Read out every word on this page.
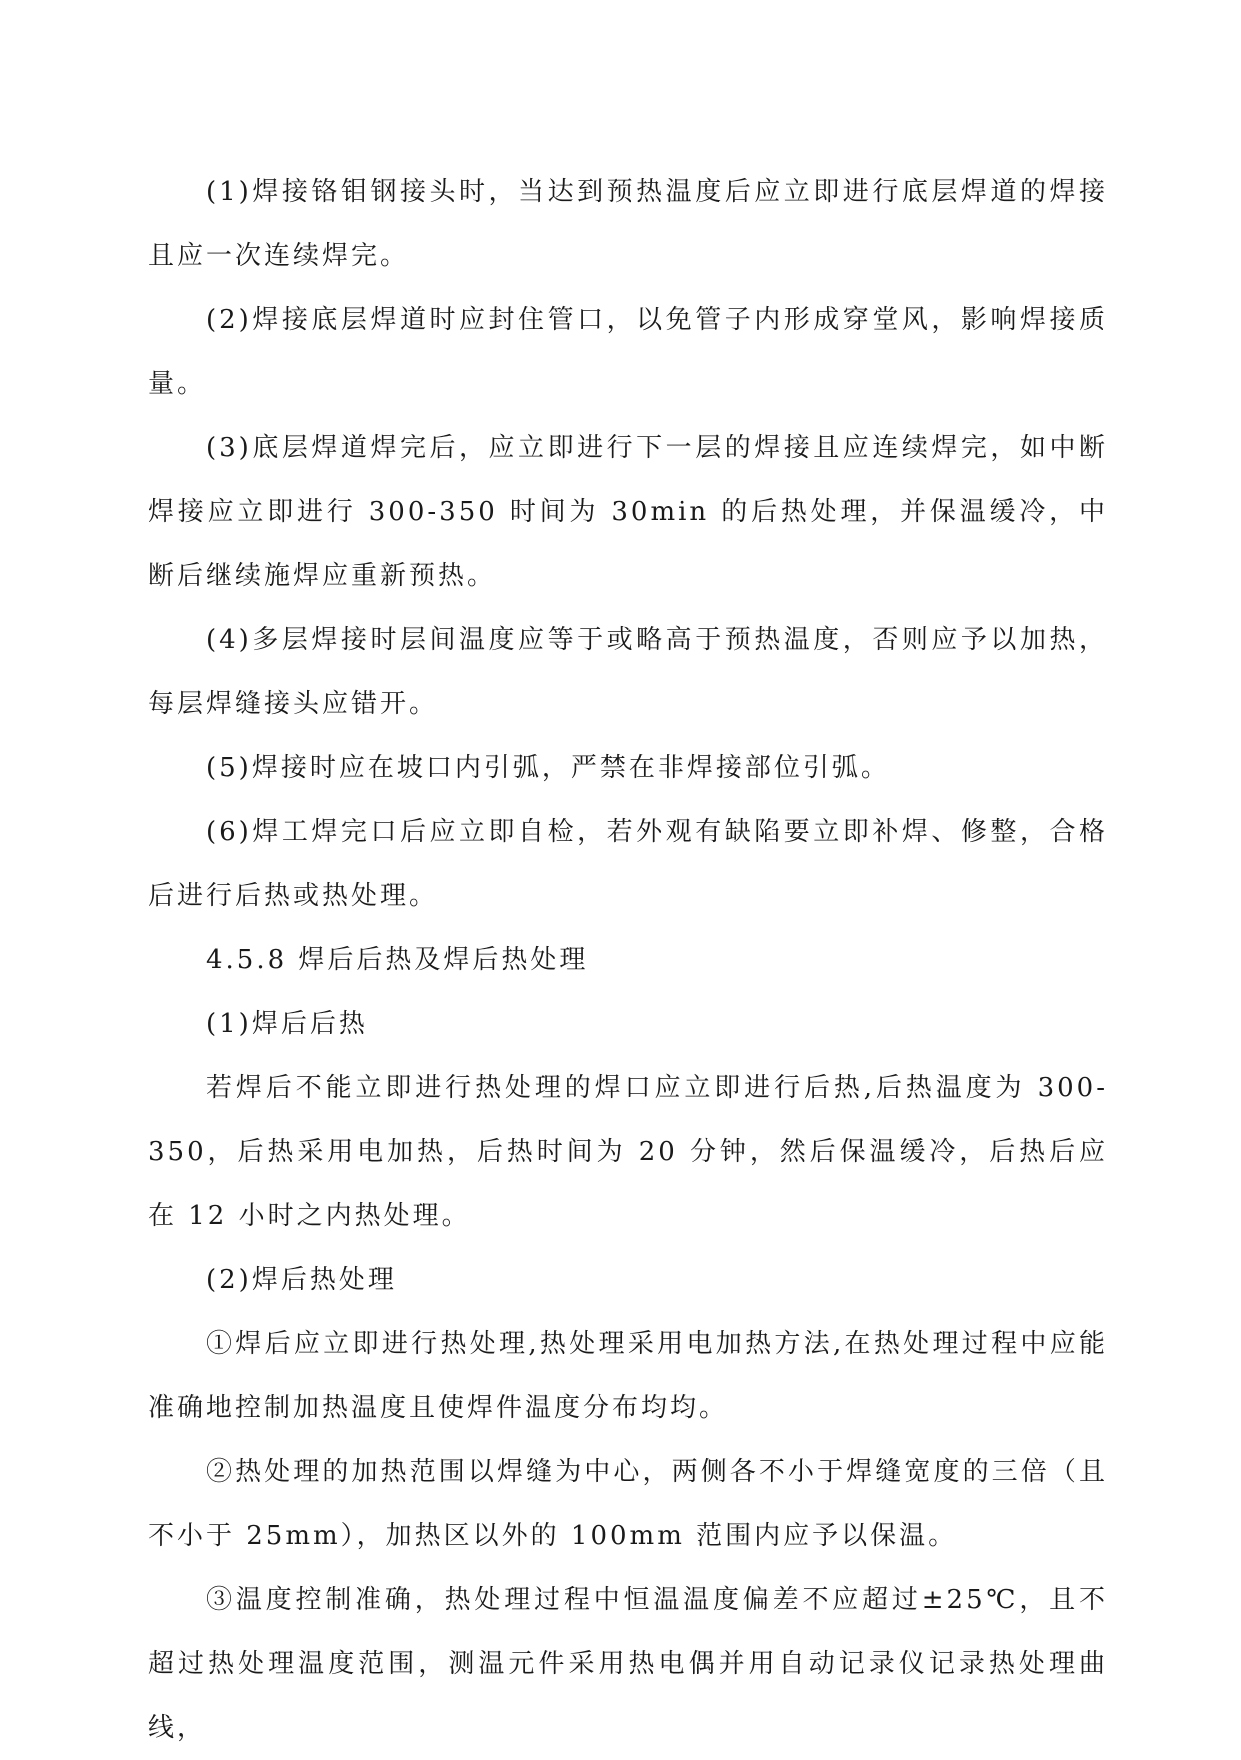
(1)焊接铬钼钢接头时，当达到预热温度后应立即进行底层焊道的焊接且应一次连续焊完。

(2)焊接底层焊道时应封住管口，以免管子内形成穿堂风，影响焊接质量。

(3)底层焊道焊完后，应立即进行下一层的焊接且应连续焊完，如中断焊接应立即进行 300-350 时间为 30min 的后热处理，并保温缓冷，中断后继续施焊应重新预热。

(4)多层焊接时层间温度应等于或略高于预热温度，否则应予以加热，每层焊缝接头应错开。

(5)焊接时应在坡口内引弧，严禁在非焊接部位引弧。

(6)焊工焊完口后应立即自检，若外观有缺陷要立即补焊、修整，合格后进行后热或热处理。

4.5.8 焊后后热及焊后热处理

(1)焊后后热

若焊后不能立即进行热处理的焊口应立即进行后热,后热温度为 300-350，后热采用电加热，后热时间为 20 分钟，然后保温缓冷，后热后应在 12 小时之内热处理。

(2)焊后热处理

①焊后应立即进行热处理,热处理采用电加热方法,在热处理过程中应能准确地控制加热温度且使焊件温度分布均均。

②热处理的加热范围以焊缝为中心，两侧各不小于焊缝宽度的三倍（且不小于 25mm），加热区以外的 100mm 范围内应予以保温。

③温度控制准确，热处理过程中恒温温度偏差不应超过±25℃，且不超过热处理温度范围，测温元件采用热电偶并用自动记录仪记录热处理曲线，
